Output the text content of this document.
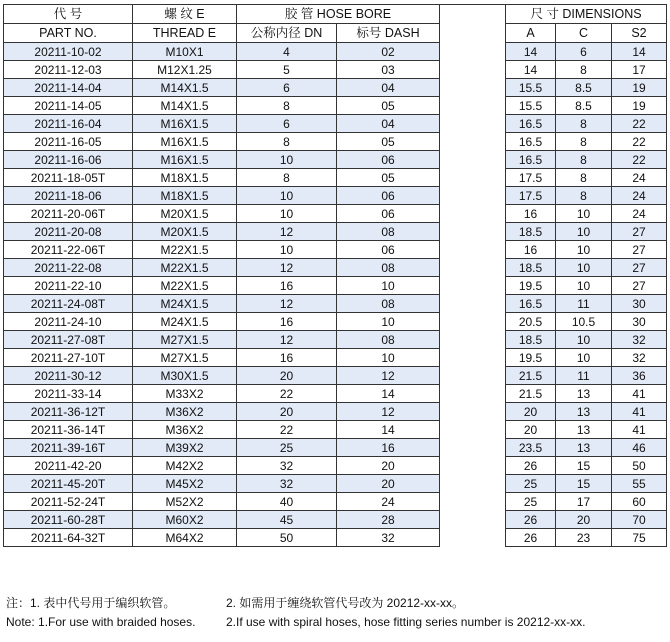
代 号	螺 纹 E	胶 管 HOSE BORE			尺 寸 DIMENSIONS		
PART NO.	THREAD E	公称内径 DN	标号 DASH		A	C	S2
20211-10-02	M10X1	4	02		14	6	14
20211-12-03	M12X1.25	5	03		14	8	17
20211-14-04	M14X1.5	6	04		15.5	8.5	19
20211-14-05	M14X1.5	8	05		15.5	8.5	19
20211-16-04	M16X1.5	6	04		16.5	8	22
20211-16-05	M16X1.5	8	05		16.5	8	22
20211-16-06	M16X1.5	10	06		16.5	8	22
20211-18-05T	M18X1.5	8	05		17.5	8	24
20211-18-06	M18X1.5	10	06		17.5	8	24
20211-20-06T	M20X1.5	10	06		16	10	24
20211-20-08	M20X1.5	12	08		18.5	10	27
20211-22-06T	M22X1.5	10	06		16	10	27
20211-22-08	M22X1.5	12	08		18.5	10	27
20211-22-10	M22X1.5	16	10		19.5	10	27
20211-24-08T	M24X1.5	12	08		16.5	11	30
20211-24-10	M24X1.5	16	10		20.5	10.5	30
20211-27-08T	M27X1.5	12	08		18.5	10	32
20211-27-10T	M27X1.5	16	10		19.5	10	32
20211-30-12	M30X1.5	20	12		21.5	11	36
20211-33-14	M33X2	22	14		21.5	13	41
20211-36-12T	M36X2	20	12		20	13	41
20211-36-14T	M36X2	22	14		20	13	41
20211-39-16T	M39X2	25	16		23.5	13	46
20211-42-20	M42X2	32	20		26	15	50
20211-45-20T	M45X2	32	20		25	15	55
20211-52-24T	M52X2	40	24		25	17	60
20211-60-28T	M60X2	45	28		26	20	70
20211-64-32T	M64X2	50	32		26	23	75
注：1. 表中代号用于编织软管。	2. 如需用于缠绕软管代号改为 20212-xx-xx。
Note: 1.For use with braided hoses.	2.If use with spiral hoses, hose fitting series number is 20212-xx-xx.
